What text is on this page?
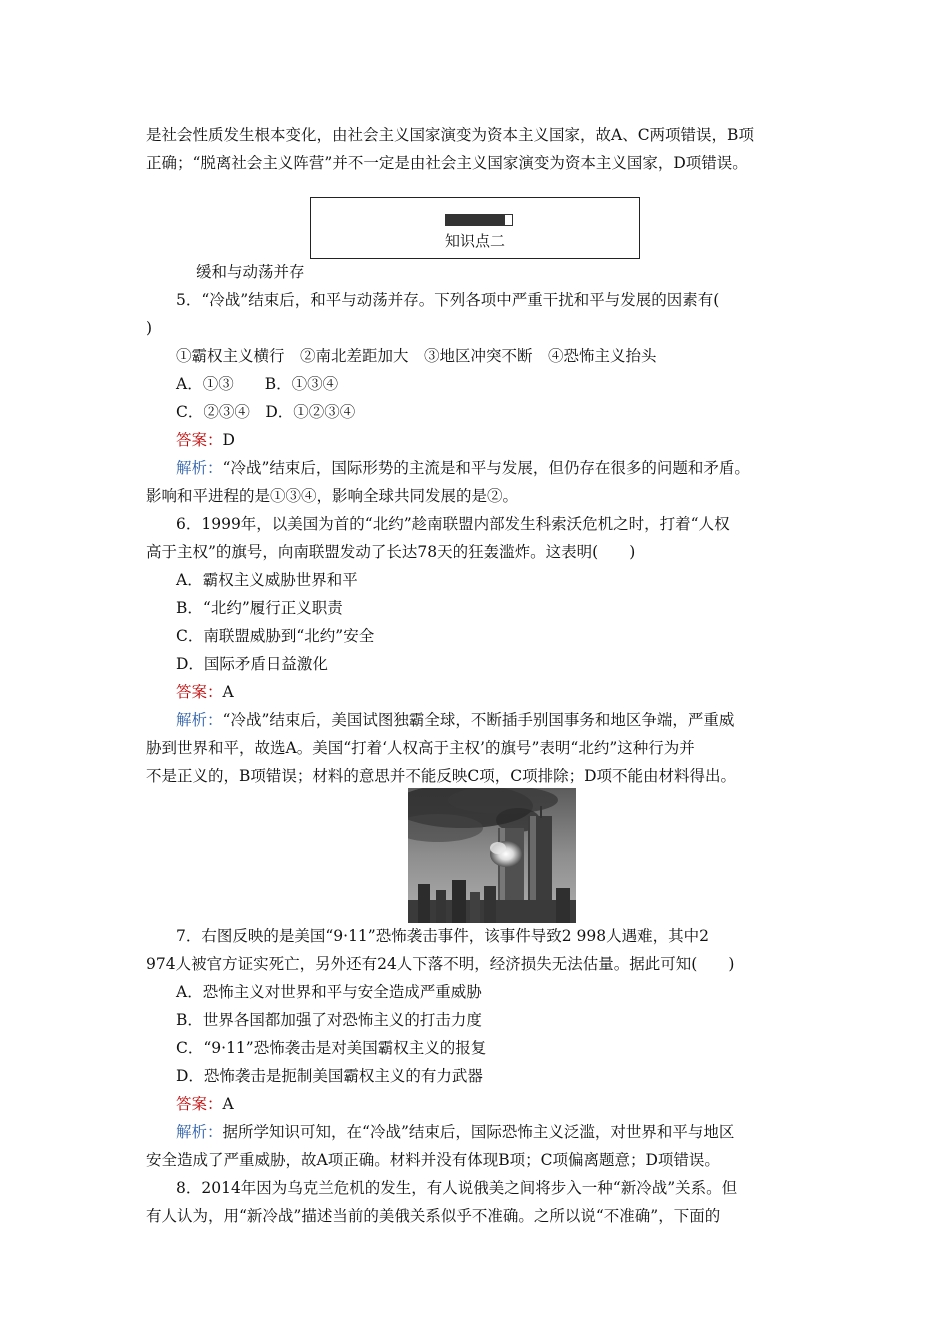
是社会性质发生根本变化，由社会主义国家演变为资本主义国家，故A、C两项错误，B项
正确；“脱离社会主义阵营”并不一定是由社会主义国家演变为资本主义国家，D项错误。
知识点二
缓和与动荡并存
5．“冷战”结束后，和平与动荡并存。下列各项中严重干扰和平与发展的因素有(
)
①霸权主义横行　②南北差距加大　③地区冲突不断　④恐怖主义抬头
A．①③　　B．①③④
C．②③④　D．①②③④
答案：D
解析：“冷战”结束后，国际形势的主流是和平与发展，但仍存在很多的问题和矛盾。
影响和平进程的是①③④，影响全球共同发展的是②。
6．1999年，以美国为首的“北约”趁南联盟内部发生科索沃危机之时，打着“人权
高于主权”的旗号，向南联盟发动了长达78天的狂轰滥炸。这表明(　　)
A．霸权主义威胁世界和平
B．“北约”履行正义职责
C．南联盟威胁到“北约”安全
D．国际矛盾日益激化
答案：A
解析：“冷战”结束后，美国试图独霸全球，不断插手别国事务和地区争端，严重威
胁到世界和平，故选A。美国“打着‘人权高于主权’的旗号”表明“北约”这种行为并
不是正义的，B项错误；材料的意思并不能反映C项，C项排除；D项不能由材料得出。
7．右图反映的是美国“9·11”恐怖袭击事件，该事件导致2 998人遇难，其中2
974人被官方证实死亡，另外还有24人下落不明，经济损失无法估量。据此可知(　　)
A．恐怖主义对世界和平与安全造成严重威胁
B．世界各国都加强了对恐怖主义的打击力度
C．“9·11”恐怖袭击是对美国霸权主义的报复
D．恐怖袭击是扼制美国霸权主义的有力武器
答案：A
解析：据所学知识可知，在“冷战”结束后，国际恐怖主义泛滥，对世界和平与地区
安全造成了严重威胁，故A项正确。材料并没有体现B项；C项偏离题意；D项错误。
8．2014年因为乌克兰危机的发生，有人说俄美之间将步入一种“新冷战”关系。但
有人认为，用“新冷战”描述当前的美俄关系似乎不准确。之所以说“不准确”，下面的
